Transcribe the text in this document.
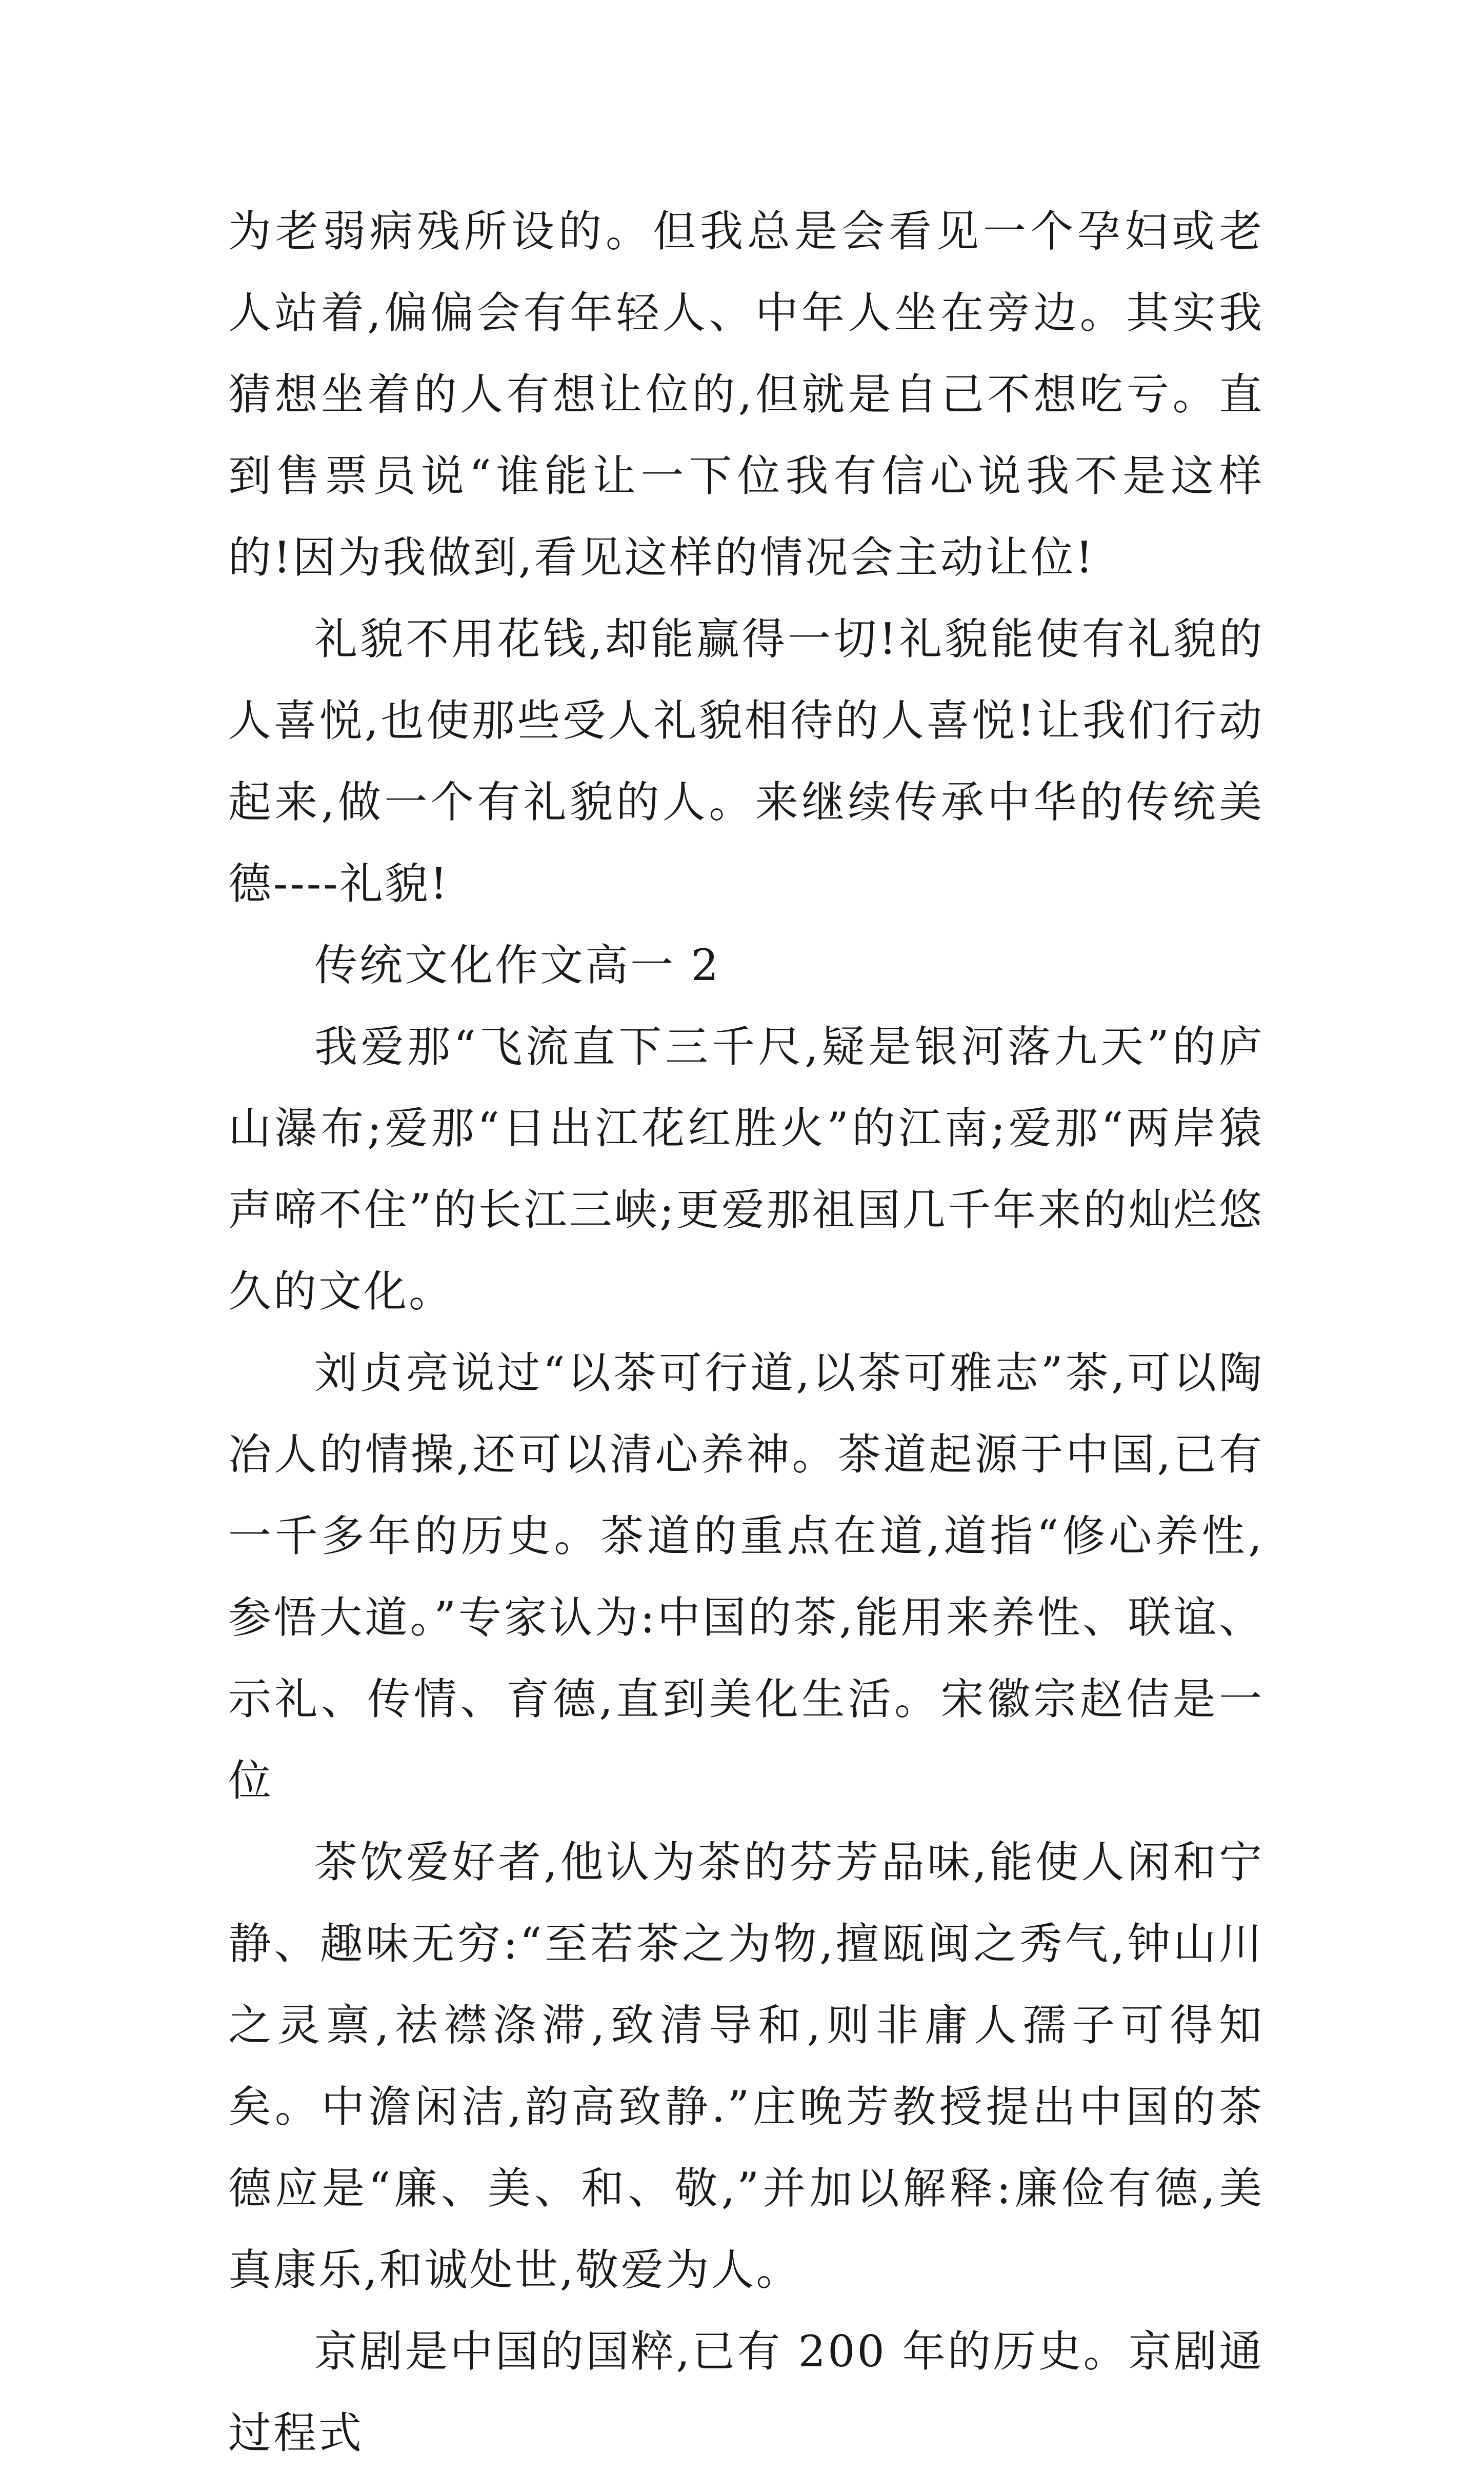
为老弱病残所设的。但我总是会看见一个孕妇或老人站着,偏偏会有年轻人、中年人坐在旁边。其实我猜想坐着的人有想让位的,但就是自己不想吃亏。直到售票员说“谁能让一下位我有信心说我不是这样的!因为我做到,看见这样的情况会主动让位!

礼貌不用花钱,却能赢得一切!礼貌能使有礼貌的人喜悦,也使那些受人礼貌相待的人喜悦!让我们行动起来,做一个有礼貌的人。来继续传承中华的传统美德----礼貌!

传统文化作文高一 2

我爱那“飞流直下三千尺,疑是银河落九天”的庐山瀑布;爱那“日出江花红胜火”的江南;爱那“两岸猿声啼不住”的长江三峡;更爱那祖国几千年来的灿烂悠久的文化。

刘贞亮说过“以茶可行道,以茶可雅志”茶,可以陶冶人的情操,还可以清心养神。茶道起源于中国,已有一千多年的历史。茶道的重点在道,道指“修心养性,参悟大道。”专家认为:中国的茶,能用来养性、联谊、示礼、传情、育德,直到美化生活。宋徽宗赵佶是一位

茶饮爱好者,他认为茶的芬芳品味,能使人闲和宁静、趣味无穷:“至若茶之为物,擅瓯闽之秀气,钟山川之灵禀,祛襟涤滞,致清导和,则非庸人孺子可得知矣。中澹闲洁,韵高致静.”庄晚芳教授提出中国的茶德应是“廉、美、和、敬,”并加以解释:廉俭有德,美真康乐,和诚处世,敬爱为人。

京剧是中国的国粹,已有 200 年的历史。京剧通过程式
